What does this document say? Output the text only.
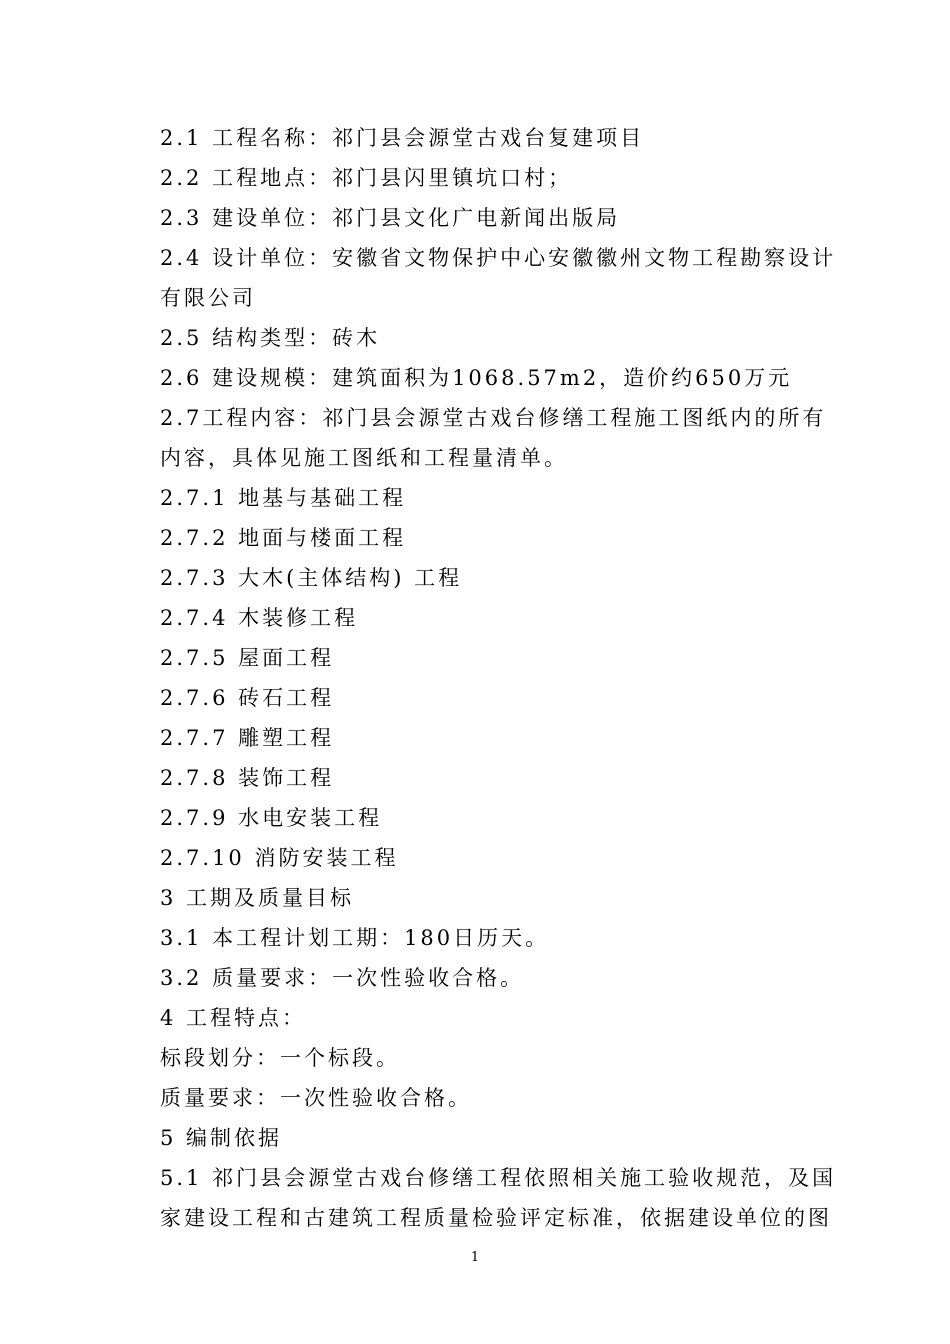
2.1 工程名称：祁门县会源堂古戏台复建项目
2.2 工程地点：祁门县闪里镇坑口村；
2.3 建设单位：祁门县文化广电新闻出版局
2.4 设计单位：安徽省文物保护中心安徽徽州文物工程勘察设计
有限公司
2.5 结构类型：砖木
2.6 建设规模：建筑面积为1068.57m2，造价约650万元
2.7工程内容：祁门县会源堂古戏台修缮工程施工图纸内的所有
内容，具体见施工图纸和工程量清单。
2.7.1 地基与基础工程
2.7.2 地面与楼面工程
2.7.3 大木(主体结构) 工程
2.7.4 木装修工程
2.7.5 屋面工程
2.7.6 砖石工程
2.7.7 雕塑工程
2.7.8 装饰工程
2.7.9 水电安装工程
2.7.10 消防安装工程
3 工期及质量目标
3.1 本工程计划工期：180日历天。
3.2 质量要求：一次性验收合格。
4 工程特点：
标段划分：一个标段。
质量要求：一次性验收合格。
5 编制依据
5.1 祁门县会源堂古戏台修缮工程依照相关施工验收规范，及国
家建设工程和古建筑工程质量检验评定标准，依据建设单位的图
1
